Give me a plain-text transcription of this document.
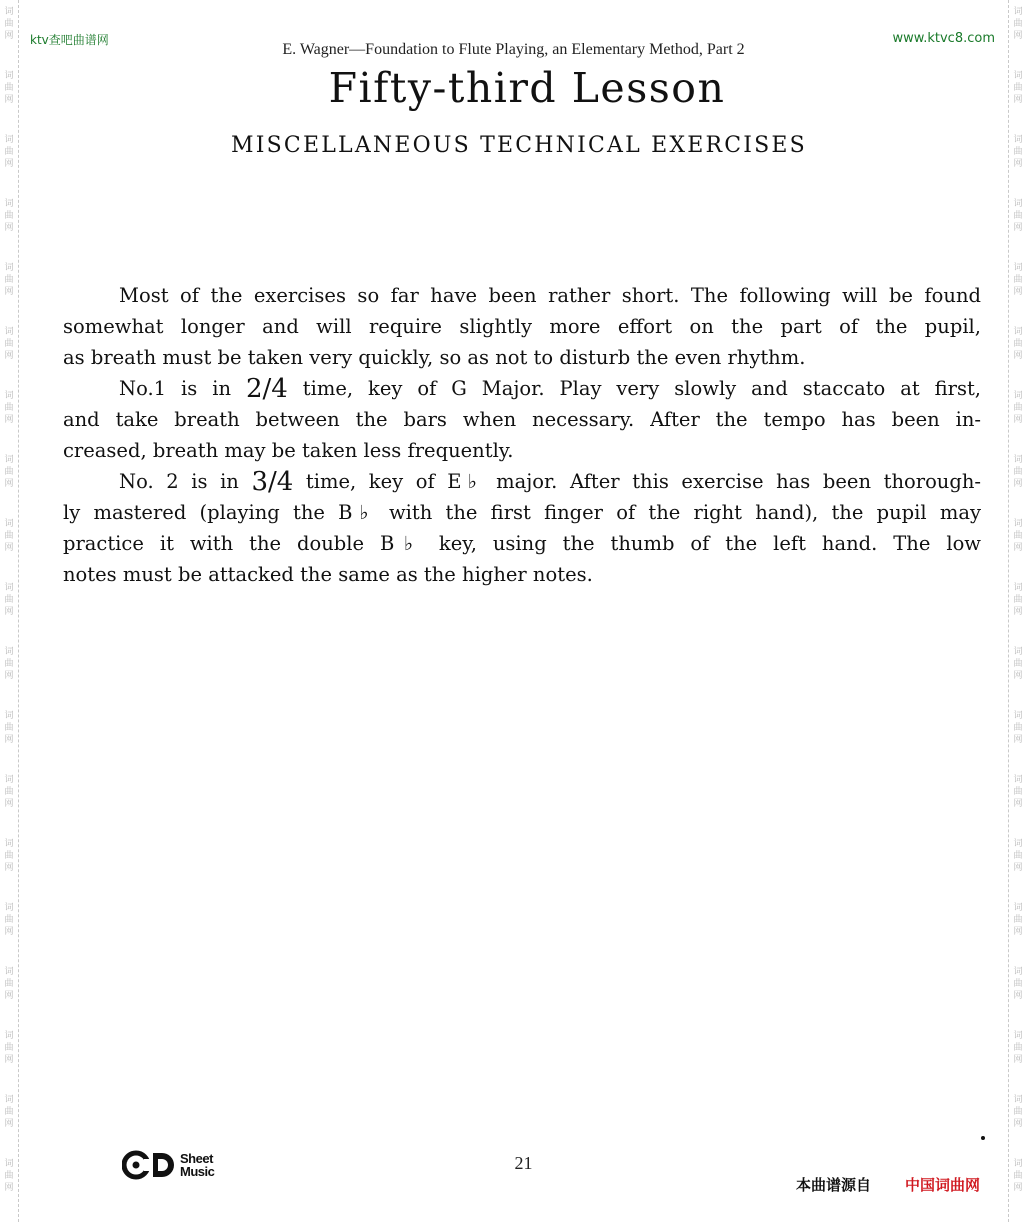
词
曲
网
词
曲
网
词
曲
网
词
曲
网
词
曲
网
词
曲
网
词
曲
网
词
曲
网
词
曲
网
词
曲
网
词
曲
网
词
曲
网
词
曲
网
词
曲
网
词
曲
网
词
曲
网
词
曲
网
词
曲
网
词
曲
网
词
曲
网
词
曲
网
词
曲
网
词
曲
网
词
曲
网
词
曲
网
词
曲
网
词
曲
网
词
曲
网
词
曲
网
词
曲
网
词
曲
网
词
曲
网
词
曲
网
词
曲
网
词
曲
网
词
曲
网
词
曲
网
词
曲
网
ktv查吧曲谱网	www.ktvc8.com
E. Wagner—Foundation to Flute Playing, an Elementary Method, Part 2
Fifty-third Lesson
MISCELLANEOUS TECHNICAL EXERCISES

Most of the exercises so far have been rather short. The following will be found
somewhat longer and will require slightly more effort on the part of the pupil,
as breath must be taken very quickly, so as not to disturb the even rhythm.

No.1 is in 2/4 time, key of G Major. Play very slowly and staccato at first,
and take breath between the bars when necessary. After the tempo has been in-
creased, breath may be taken less frequently.

No. 2 is in 3/4 time, key of E♭ major. After this exercise has been thorough-
ly mastered (playing the B♭ with the first finger of the right hand), the pupil may
practice it with the double B♭ key, using the thumb of the left hand. The low
notes must be attacked the same as the higher notes.

Sheet
Music	21
本曲谱源自 中国词曲网
